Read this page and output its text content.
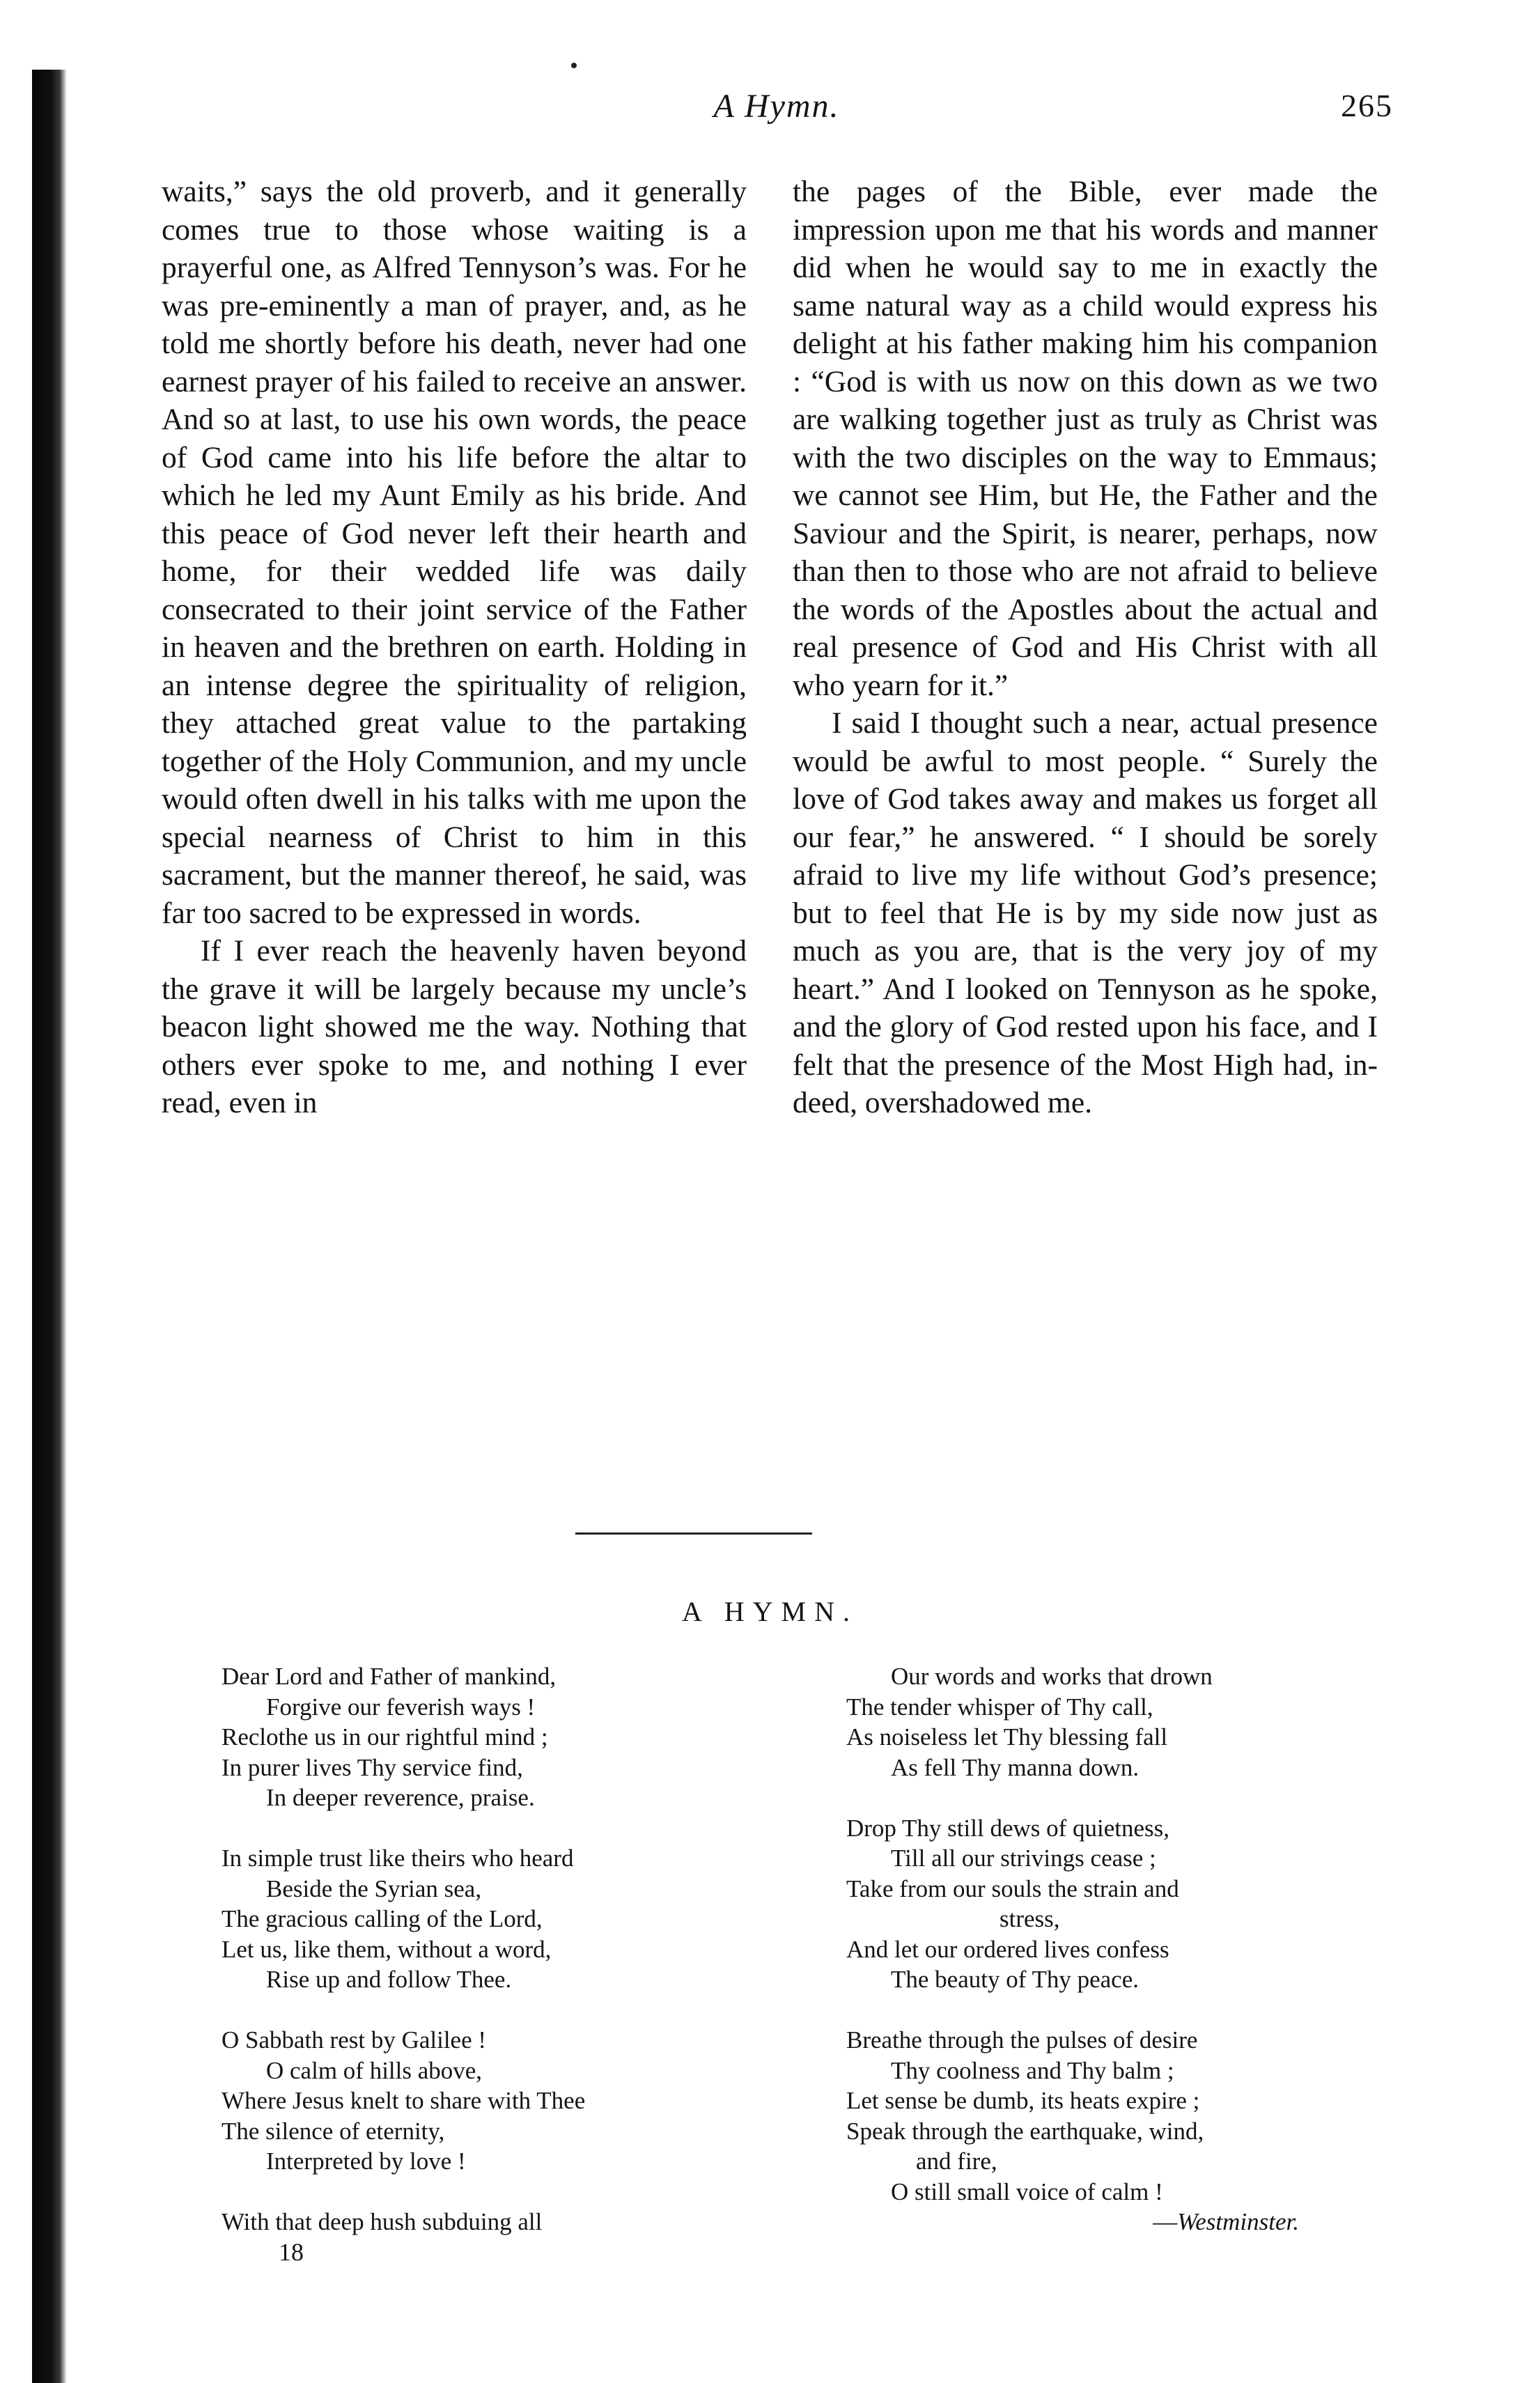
A Hymn.	265

waits,” says the old proverb, and it generally comes true to those whose waiting is a prayerful one, as Alfred Tennyson’s was. For he was pre-eminently a man of prayer, and, as he told me shortly before his death, never had one earnest prayer of his failed to receive an answer. And so at last, to use his own words, the peace of God came into his life before the altar to which he led my Aunt Emily as his bride. And this peace of God never left their hearth and home, for their wedded life was daily consecrated to their joint service of the Father in heaven and the brethren on earth. Holding in an intense degree the spirituality of religion, they attached great value to the partaking together of the Holy Communion, and my uncle would often dwell in his talks with me upon the special nearness of Christ to him in this sacrament, but the manner thereof, he said, was far too sacred to be expressed in words.

If I ever reach the heavenly haven beyond the grave it will be largely because my uncle’s beacon light showed me the way. Nothing that others ever spoke to me, and nothing I ever read, even in

the pages of the Bible, ever made the impression upon me that his words and manner did when he would say to me in exactly the same natural way as a child would express his delight at his father making him his companion : “God is with us now on this down as we two are walking together just as truly as Christ was with the two disciples on the way to Emmaus; we cannot see Him, but He, the Father and the Saviour and the Spirit, is nearer, perhaps, now than then to those who are not afraid to believe the words of the Apostles about the actual and real presence of God and His Christ with all who yearn for it.”

I said I thought such a near, actual presence would be awful to most people. “ Surely the love of God takes away and makes us forget all our fear,” he answered. “ I should be sorely afraid to live my life without God’s presence; but to feel that He is by my side now just as much as you are, that is the very joy of my heart.” And I looked on Tennyson as he spoke, and the glory of God rested upon his face, and I felt that the presence of the Most High had, indeed, overshadowed me.

A HYMN.
Dear Lord and Father of mankind,
Forgive our feverish ways !
Reclothe us in our rightful mind ;
In purer lives Thy service find,
In deeper reverence, praise.
In simple trust like theirs who heard
Beside the Syrian sea,
The gracious calling of the Lord,
Let us, like them, without a word,
Rise up and follow Thee.
O Sabbath rest by Galilee !
O calm of hills above,
Where Jesus knelt to share with Thee
The silence of eternity,
Interpreted by love !
With that deep hush subduing all
Our words and works that drown
The tender whisper of Thy call,
As noiseless let Thy blessing fall
As fell Thy manna down.
Drop Thy still dews of quietness,
Till all our strivings cease ;
Take from our souls the strain and
stress,
And let our ordered lives confess
The beauty of Thy peace.
Breathe through the pulses of desire
Thy coolness and Thy balm ;
Let sense be dumb, its heats expire ;
Speak through the earthquake, wind,
and fire,
O still small voice of calm !
—Westminster.
18
